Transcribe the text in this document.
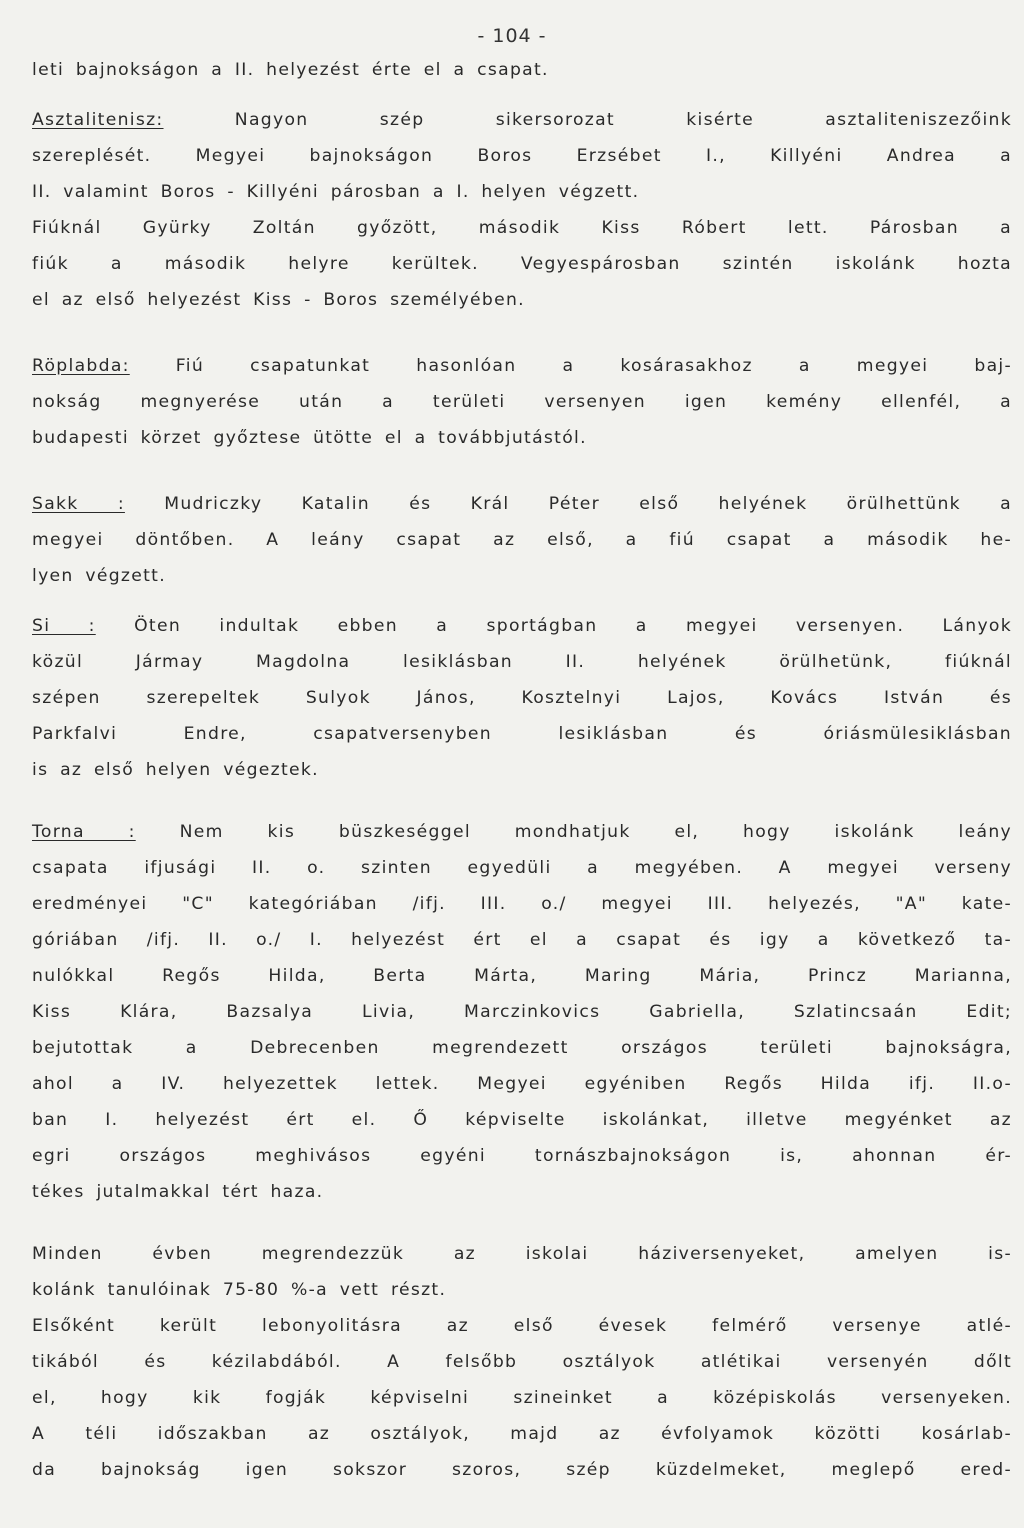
- 104 -
leti bajnokságon a II. helyezést érte el a csapat.
Asztalitenisz: Nagyon szép sikersorozat kisérte asztaliteniszezőink
szereplését. Megyei bajnokságon Boros Erzsébet I., Killyéni Andrea a
II. valamint Boros - Killyéni párosban a I. helyen végzett.
Fiúknál Gyürky Zoltán győzött, második Kiss Róbert lett. Párosban a
fiúk a második helyre kerültek. Vegyespárosban szintén iskolánk hozta
el az első helyezést Kiss - Boros személyében.
Röplabda: Fiú csapatunkat hasonlóan a kosárasakhoz a megyei baj-
nokság megnyerése után a területi versenyen igen kemény ellenfél, a
budapesti körzet győztese ütötte el a továbbjutástól.
Sakk : Mudriczky Katalin és Král Péter első helyének örülhettünk a
megyei döntőben. A leány csapat az első, a fiú csapat a második he-
lyen végzett.
Si : Öten indultak ebben a sportágban a megyei versenyen. Lányok
közül Jármay Magdolna lesiklásban II. helyének örülhetünk, fiúknál
szépen szerepeltek Sulyok János, Kosztelnyi Lajos, Kovács István és
Parkfalvi Endre, csapatversenyben lesiklásban és óriásmülesiklásban
is az első helyen végeztek.
Torna : Nem kis büszkeséggel mondhatjuk el, hogy iskolánk leány
csapata ifjusági II. o. szinten egyedüli a megyében. A megyei verseny
eredményei "C" kategóriában /ifj. III. o./ megyei III. helyezés, "A" kate-
góriában /ifj. II. o./ I. helyezést ért el a csapat és igy a következő ta-
nulókkal Regős Hilda, Berta Márta, Maring Mária, Princz Marianna,
Kiss Klára, Bazsalya Livia, Marczinkovics Gabriella, Szlatincsaán Edit;
bejutottak a Debrecenben megrendezett országos területi bajnokságra,
ahol a IV. helyezettek lettek. Megyei egyéniben Regős Hilda ifj. II.o-
ban I. helyezést ért el. Ő képviselte iskolánkat, illetve megyénket az
egri országos meghivásos egyéni tornászbajnokságon is, ahonnan ér-
tékes jutalmakkal tért haza.
Minden évben megrendezzük az iskolai háziversenyeket, amelyen is-
kolánk tanulóinak 75-80 %-a vett részt.
Elsőként került lebonyolitásra az első évesek felmérő versenye atlé-
tikából és kézilabdából. A felsőbb osztályok atlétikai versenyén dőlt
el, hogy kik fogják képviselni szineinket a középiskolás versenyeken.
A téli időszakban az osztályok, majd az évfolyamok közötti kosárlab-
da bajnokság igen sokszor szoros, szép küzdelmeket, meglepő ered-
